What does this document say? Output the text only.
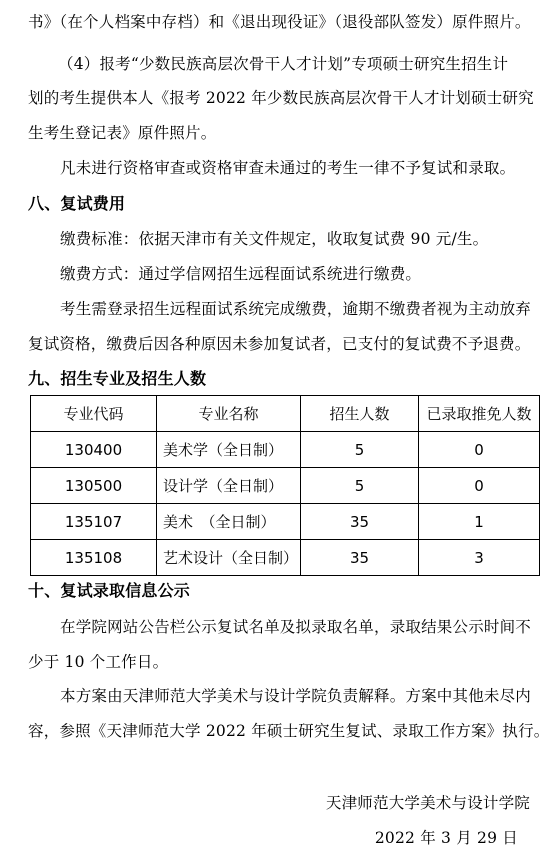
书》（在个人档案中存档）和《退出现役证》（退役部队签发）原件照片。
（4）报考“少数民族高层次骨干人才计划”专项硕士研究生招生计
划的考生提供本人《报考 2022 年少数民族高层次骨干人才计划硕士研究
生考生登记表》原件照片。
凡未进行资格审查或资格审查未通过的考生一律不予复试和录取。
八、复试费用
缴费标准：依据天津市有关文件规定，收取复试费 90 元/生。
缴费方式：通过学信网招生远程面试系统进行缴费。
考生需登录招生远程面试系统完成缴费，逾期不缴费者视为主动放弃
复试资格，缴费后因各种原因未参加复试者，已支付的复试费不予退费。
九、招生专业及招生人数
专业代码	专业名称	招生人数	已录取推免人数
130400	美术学（全日制）	5	0
130500	设计学（全日制）	5	0
135107	美术　（全日制）	35	1
135108	艺术设计（全日制）	35	3
十、复试录取信息公示
在学院网站公告栏公示复试名单及拟录取名单，录取结果公示时间不
少于 10 个工作日。
本方案由天津师范大学美术与设计学院负责解释。方案中其他未尽内
容，参照《天津师范大学 2022 年硕士研究生复试、录取工作方案》执行。
天津师范大学美术与设计学院
2022 年 3 月 29 日
